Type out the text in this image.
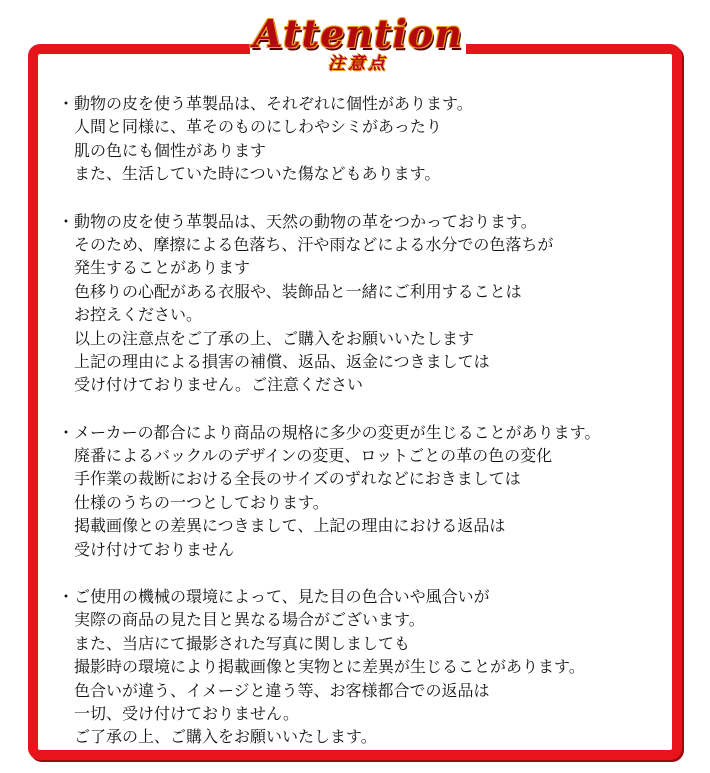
Attention
注意点
・動物の皮を使う革製品は、それぞれに個性があります。
人間と同様に、革そのものにしわやシミがあったり
肌の色にも個性があります
また、生活していた時についた傷などもあります。
・動物の皮を使う革製品は、天然の動物の革をつかっております。
そのため、摩擦による色落ち、汗や雨などによる水分での色落ちが
発生することがあります
色移りの心配がある衣服や、装飾品と一緒にご利用することは
お控えください。
以上の注意点をご了承の上、ご購入をお願いいたします
上記の理由による損害の補償、返品、返金につきましては
受け付けておりません。ご注意ください
・メーカーの都合により商品の規格に多少の変更が生じることがあります。
廃番によるバックルのデザインの変更、ロットごとの革の色の変化
手作業の裁断における全長のサイズのずれなどにおきましては
仕様のうちの一つとしております。
掲載画像との差異につきまして、上記の理由における返品は
受け付けておりません
・ご使用の機械の環境によって、見た目の色合いや風合いが
実際の商品の見た目と異なる場合がございます。
また、当店にて撮影された写真に関しましても
撮影時の環境により掲載画像と実物とに差異が生じることがあります。
色合いが違う、イメージと違う等、お客様都合での返品は
一切、受け付けておりません。
ご了承の上、ご購入をお願いいたします。
